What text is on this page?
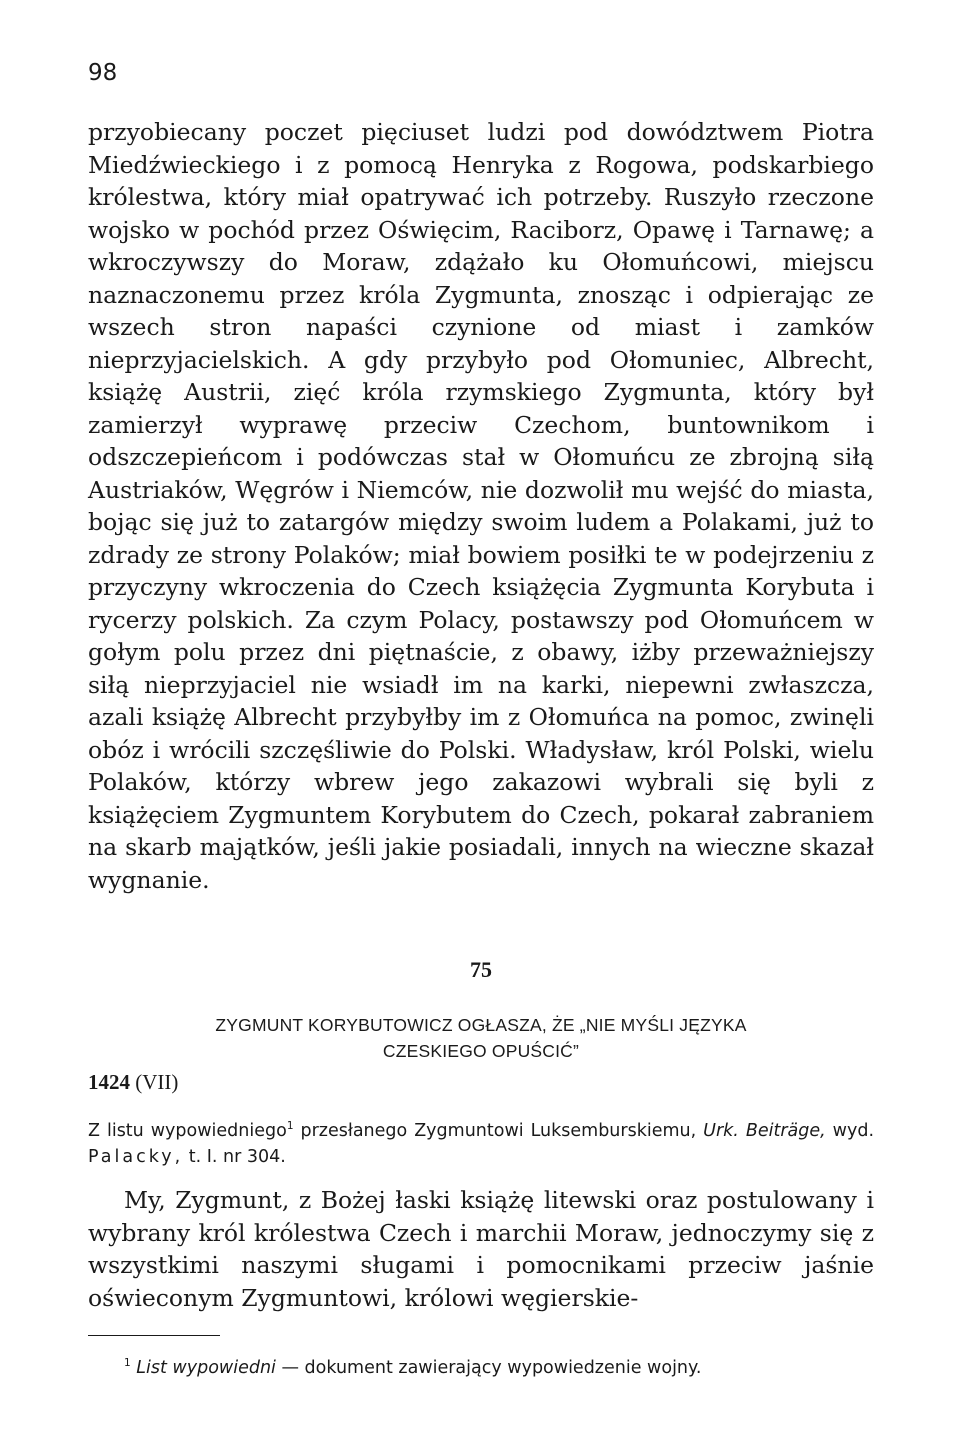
98

przyobiecany poczet pięciuset ludzi pod dowództwem Piotra Miedźwieckiego i z pomocą Henryka z Rogowa, podskarbiego królestwa, który miał opatrywać ich potrzeby. Ruszyło rzeczone wojsko w pochód przez Oświęcim, Raciborz, Opawę i Tarnawę; a wkroczywszy do Moraw, zdążało ku Ołomuńcowi, miejscu naznaczonemu przez króla Zygmunta, znosząc i odpierając ze wszech stron napaści czynione od miast i zamków nieprzyjacielskich. A gdy przybyło pod Ołomuniec, Albrecht, książę Austrii, zięć króla rzymskiego Zygmunta, który był zamierzył wyprawę przeciw Czechom, buntownikom i odszczepieńcom i podówczas stał w Ołomuńcu ze zbrojną siłą Austriaków, Węgrów i Niemców, nie dozwolił mu wejść do miasta, bojąc się już to zatargów między swoim ludem a Polakami, już to zdrady ze strony Polaków; miał bowiem posiłki te w podejrzeniu z przyczyny wkroczenia do Czech książęcia Zygmunta Korybuta i rycerzy polskich. Za czym Polacy, postawszy pod Ołomuńcem w gołym polu przez dni piętnaście, z obawy, iżby przeważniejszy siłą nieprzyjaciel nie wsiadł im na karki, niepewni zwłaszcza, azali książę Albrecht przybyłby im z Ołomuńca na pomoc, zwinęli obóz i wrócili szczęśliwie do Polski. Władysław, król Polski, wielu Polaków, którzy wbrew jego zakazowi wybrali się byli z książęciem Zygmuntem Korybutem do Czech, pokarał zabraniem na skarb majątków, jeśli jakie posiadali, innych na wieczne skazał wygnanie.

75
ZYGMUNT KORYBUTOWICZ OGŁASZA, ŻE „NIE MYŚLI JĘZYKA
CZESKIEGO OPUŚCIĆ”
1424 (VII)
Z listu wypowiedniego$^1$ przesłanego Zygmuntowi Luksemburskiemu, Urk. Beiträge, wyd. Palacky, t. I. nr 304.
My, Zygmunt, z Bożej łaski książę litewski oraz postulowany i wybrany król królestwa Czech i marchii Moraw, jednoczymy się z wszystkimi naszymi sługami i pomocnikami przeciw jaśnie oświeconym Zygmuntowi, królowi węgierskie-
$^1$ List wypowiedni — dokument zawierający wypowiedzenie wojny.
